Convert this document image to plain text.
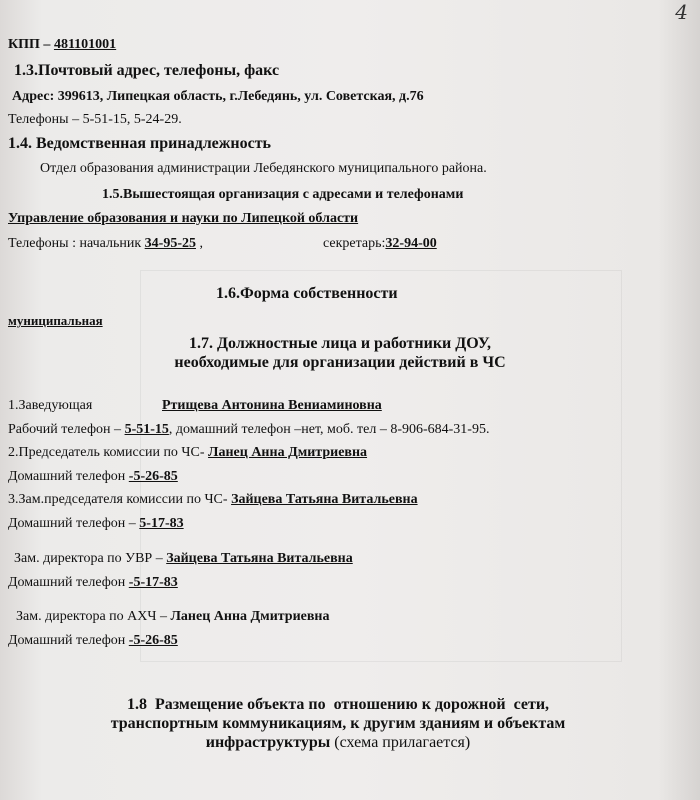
4
КПП – 481101001
1.3.Почтовый адрес, телефоны, факс
Адрес: 399613, Липецкая область, г.Лебедянь, ул. Советская, д.76
Телефоны – 5-51-15, 5-24-29.
1.4. Ведомственная принадлежность
Отдел образования администрации Лебедянского муниципального района.
1.5.Вышестоящая организация с адресами и телефонами
Управление образования и науки по Липецкой области
Телефоны : начальник 34-95-25 ,	секретарь:32-94-00
1.6.Форма собственности
муниципальная
1.7. Должностные лица и работники ДОУ,
необходимые для организации действий в ЧС
1.Заведующая	Ртищева Антонина Вениаминовна
Рабочий телефон – 5-51-15, домашний телефон –нет, моб. тел – 8-906-684-31-95.
2.Председатель комиссии по ЧС- Ланец Анна Дмитриевна
Домашний телефон -5-26-85
3.Зам.председателя комиссии по ЧС- Зайцева Татьяна Витальевна
Домашний телефон – 5-17-83
Зам. директора по УВР – Зайцева Татьяна Витальевна
Домашний телефон -5-17-83
Зам. директора по АХЧ – Ланец Анна Дмитриевна
Домашний телефон -5-26-85
1.8  Размещение объекта по  отношению к дорожной  сети,
транспортным коммуникациям, к другим зданиям и объектам
инфраструктуры (схема прилагается)
